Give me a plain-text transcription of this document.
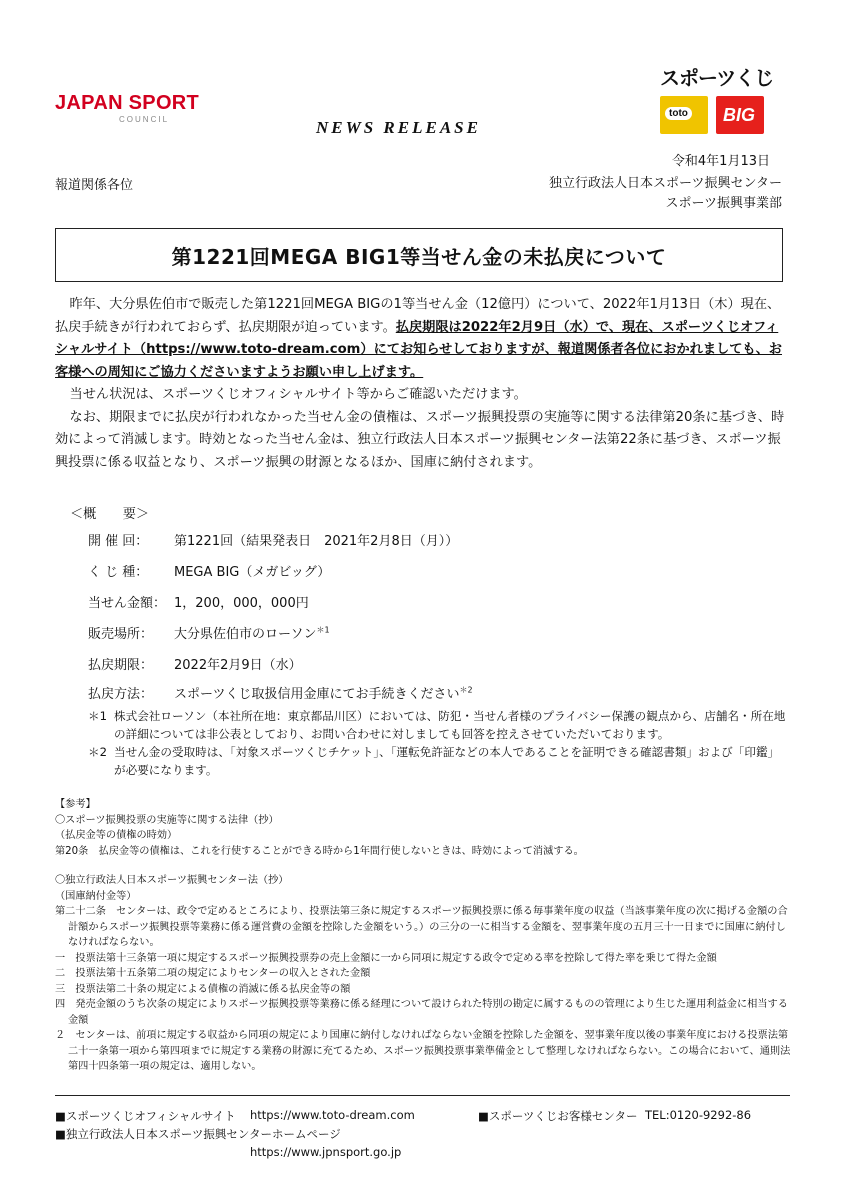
JAPAN SPORT
COUNCIL
スポーツくじ
toto BIG
NEWS RELEASE
令和4年1月13日
報道関係各位	独立行政法人日本スポーツ振興センター
スポーツ振興事業部
第1221回MEGA BIG1等当せん金の未払戻について

昨年、大分県佐伯市で販売した第1221回MEGA BIGの1等当せん金（12億円）について、2022年1月13日（木）現在、払戻手続きが行われておらず、払戻期限が迫っています。払戻期限は2022年2月9日（水）で、現在、スポーツくじオフィシャルサイト（https://www.toto-dream.com）にてお知らせしておりますが、報道関係者各位におかれましても、お客様への周知にご協力くださいますようお願い申し上げます。

当せん状況は、スポーツくじオフィシャルサイト等からご確認いただけます。

なお、期限までに払戻が行われなかった当せん金の債権は、スポーツ振興投票の実施等に関する法律第20条に基づき、時効によって消滅します。時効となった当せん金は、独立行政法人日本スポーツ振興センター法第22条に基づき、スポーツ振興投票に係る収益となり、スポーツ振興の財源となるほか、国庫に納付されます。

＜概　　要＞
開 催 回： 第1221回（結果発表日　2021年2月8日（月））
く じ 種： MEGA BIG（メガビッグ）
当せん金額： 1，200，000，000円
販売場所： 大分県佐伯市のローソン$^{*1}$
払戻期限： 2022年2月9日（水）
払戻方法： スポーツくじ取扱信用金庫にてお手続きください$^{*2}$
＊1 株式会社ローソン（本社所在地：東京都品川区）においては、防犯・当せん者様のプライバシー保護の観点から、店舗名・所在地の詳細については非公表としており、お問い合わせに対しましても回答を控えさせていただいております。
＊2 当せん金の受取時は、「対象スポーツくじチケット」、「運転免許証などの本人であることを証明できる確認書類」および「印鑑」が必要になります。
【参考】
〇スポーツ振興投票の実施等に関する法律（抄）
（払戻金等の債権の時効）
第20条　払戻金等の債権は、これを行使することができる時から1年間行使しないときは、時効によって消滅する。
〇独立行政法人日本スポーツ振興センター法（抄）
（国庫納付金等）
第二十二条　センターは、政令で定めるところにより、投票法第三条に規定するスポーツ振興投票に係る毎事業年度の収益（当該事業年度の次に掲げる金額の合計額からスポーツ振興投票等業務に係る運営費の金額を控除した金額をいう。）の三分の一に相当する金額を、翌事業年度の五月三十一日までに国庫に納付しなければならない。
一　投票法第十三条第一項に規定するスポーツ振興投票券の売上金額に一から同項に規定する政令で定める率を控除して得た率を乗じて得た金額
二　投票法第十五条第二項の規定によりセンターの収入とされた金額
三　投票法第二十条の規定による債権の消滅に係る払戻金等の額
四　発売金額のうち次条の規定によりスポーツ振興投票等業務に係る経理について設けられた特別の勘定に属するものの管理により生じた運用利益金に相当する金額
２　センターは、前項に規定する収益から同項の規定により国庫に納付しなければならない金額を控除した金額を、翌事業年度以後の事業年度における投票法第二十一条第一項から第四項までに規定する業務の財源に充てるため、スポーツ振興投票事業準備金として整理しなければならない。この場合において、通則法第四十四条第一項の規定は、適用しない。
■スポーツくじオフィシャルサイト https://www.toto-dream.com	■スポーツくじお客様センター TEL:0120-9292-86
■独立行政法人日本スポーツ振興センターホームページ
https://www.jpnsport.go.jp
